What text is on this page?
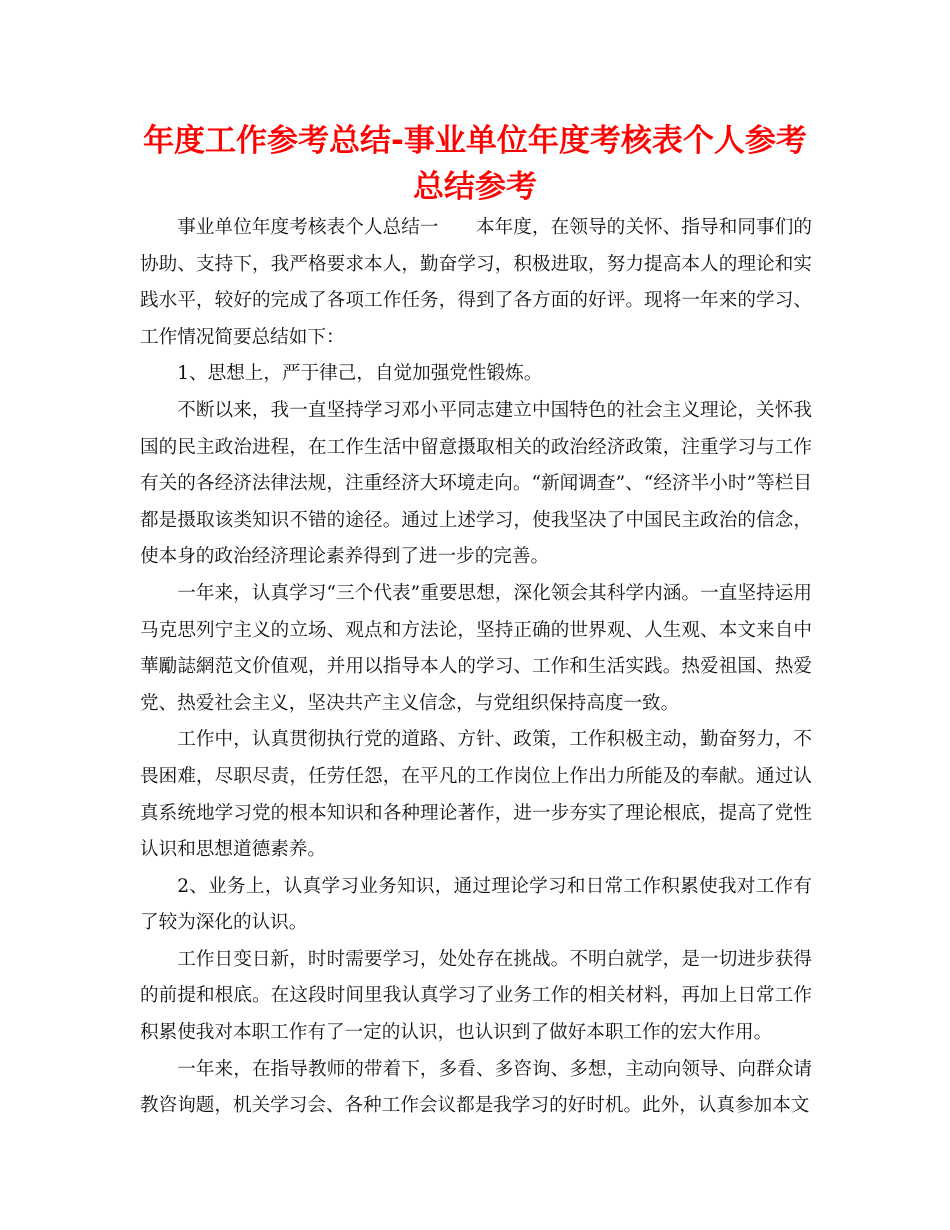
年度工作参考总结-事业单位年度考核表个人参考总结参考

事业单位年度考核表个人总结一　　本年度，在领导的关怀、指导和同事们的协助、支持下，我严格要求本人，勤奋学习，积极进取，努力提高本人的理论和实践水平，较好的完成了各项工作任务，得到了各方面的好评。现将一年来的学习、工作情况简要总结如下：

1、思想上，严于律己，自觉加强党性锻炼。

不断以来，我一直坚持学习邓小平同志建立中国特色的社会主义理论，关怀我国的民主政治进程，在工作生活中留意摄取相关的政治经济政策，注重学习与工作有关的各经济法律法规，注重经济大环境走向。“新闻调查”、“经济半小时”等栏目都是摄取该类知识不错的途径。通过上述学习，使我坚决了中国民主政治的信念，使本身的政治经济理论素养得到了进一步的完善。

一年来，认真学习“三个代表”重要思想，深化领会其科学内涵。一直坚持运用马克思列宁主义的立场、观点和方法论，坚持正确的世界观、人生观、本文来自中華勵誌網范文价值观，并用以指导本人的学习、工作和生活实践。热爱祖国、热爱党、热爱社会主义，坚决共产主义信念，与党组织保持高度一致。

工作中，认真贯彻执行党的道路、方针、政策，工作积极主动，勤奋努力，不畏困难，尽职尽责，任劳任怨，在平凡的工作岗位上作出力所能及的奉献。通过认真系统地学习党的根本知识和各种理论著作，进一步夯实了理论根底，提高了党性认识和思想道德素养。

2、业务上，认真学习业务知识，通过理论学习和日常工作积累使我对工作有了较为深化的认识。

工作日变日新，时时需要学习，处处存在挑战。不明白就学，是一切进步获得的前提和根底。在这段时间里我认真学习了业务工作的相关材料，再加上日常工作积累使我对本职工作有了一定的认识，也认识到了做好本职工作的宏大作用。

一年来，在指导教师的带着下，多看、多咨询、多想，主动向领导、向群众请教咨询题，机关学习会、各种工作会议都是我学习的好时机。此外，认真参加本文
